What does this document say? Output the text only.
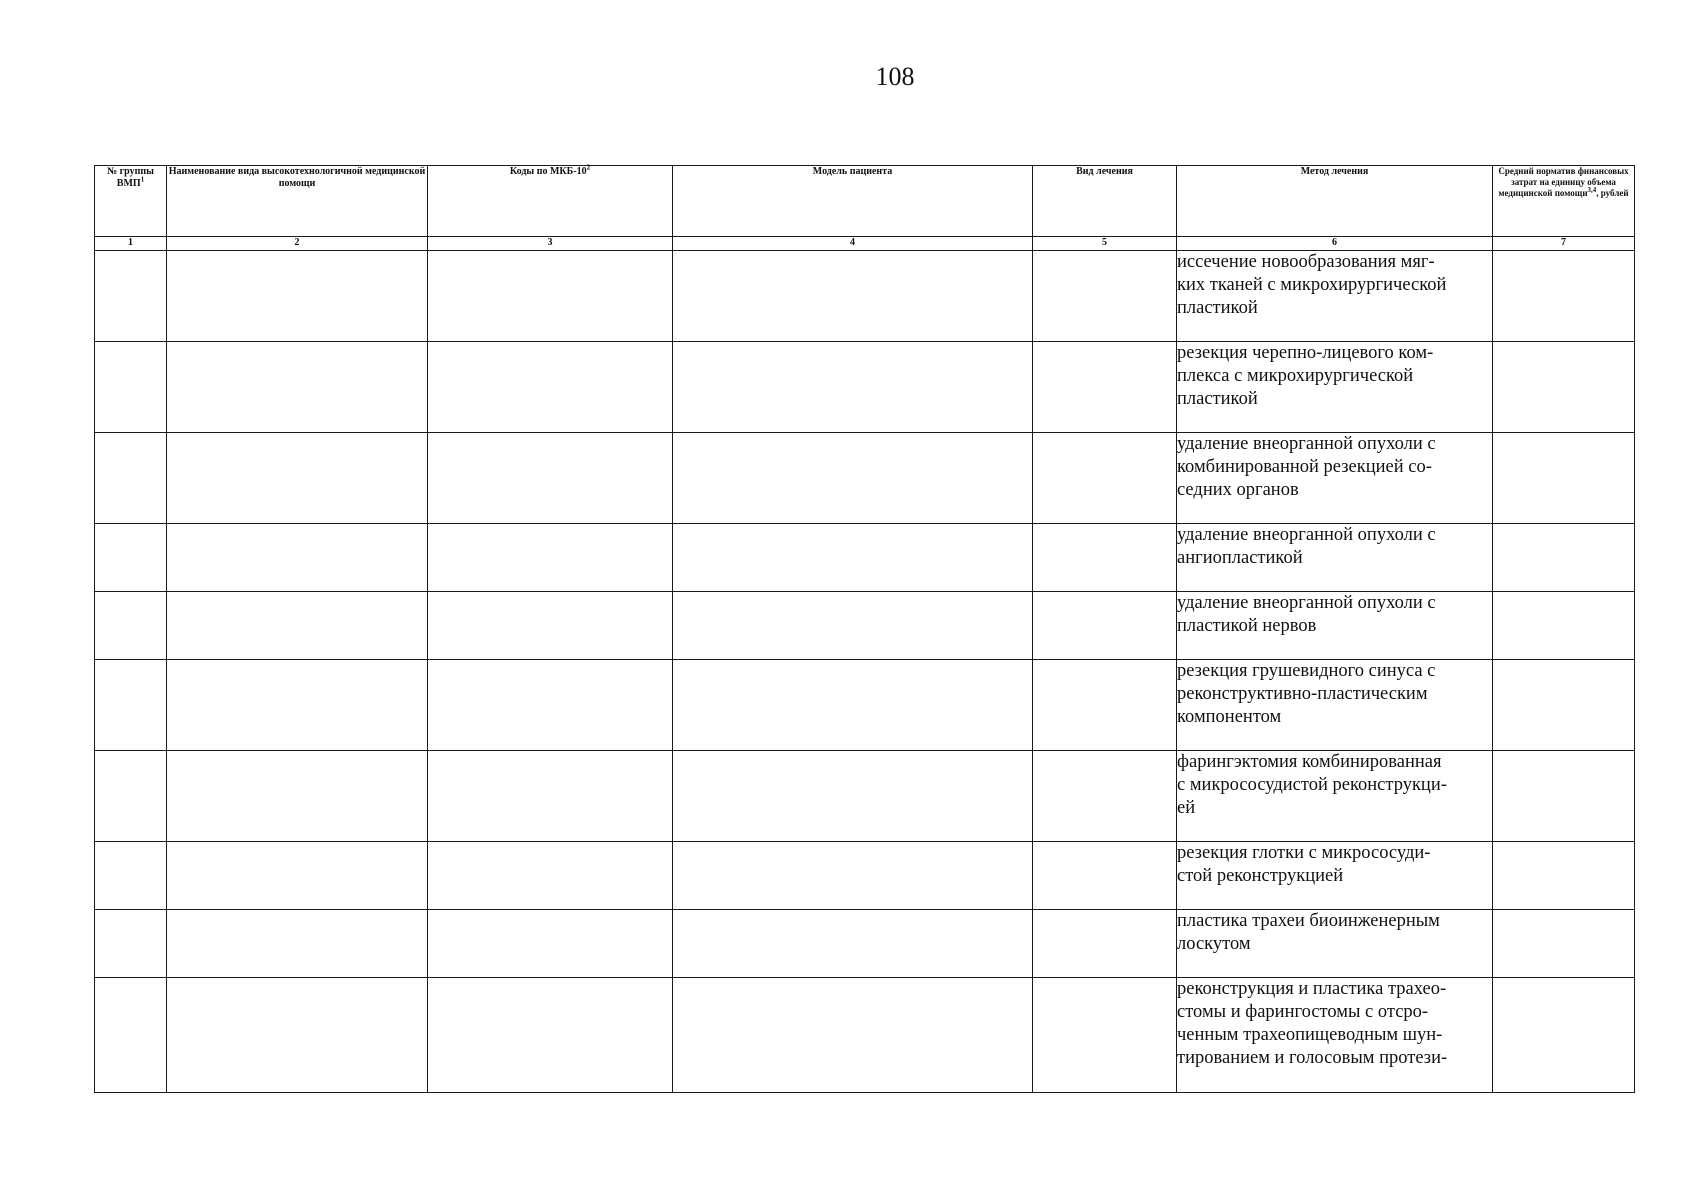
108
№ группы ВМП$^1$	Наименование вида высокотехнологичной медицинской помощи	Коды по МКБ-$10^2$	Модель пациента	Вид лечения	Метод лечения	Средний норматив финансовых затрат на единицу объема медицинской помощи$^{3,4}$, рублей
1	2	3	4	5	6	7
					иссечение новообразования мяг-
ких тканей с микрохирургической
пластикой	
					резекция черепно-лицевого ком-
плекса с микрохирургической
пластикой	
					удаление внеорганной опухоли с
комбинированной резекцией со-
седних органов	
					удаление внеорганной опухоли с
ангиопластикой	
					удаление внеорганной опухоли с
пластикой нервов	
					резекция грушевидного синуса с
реконструктивно-пластическим
компонентом	
					фарингэктомия комбинированная
с микрососудистой реконструкци-
ей	
					резекция глотки с микрососуди-
стой реконструкцией	
					пластика трахеи биоинженерным
лоскутом	
					реконструкция и пластика трахео-
стомы и фарингостомы с отсро-
ченным трахеопищеводным шун-
тированием и голосовым протези-	
